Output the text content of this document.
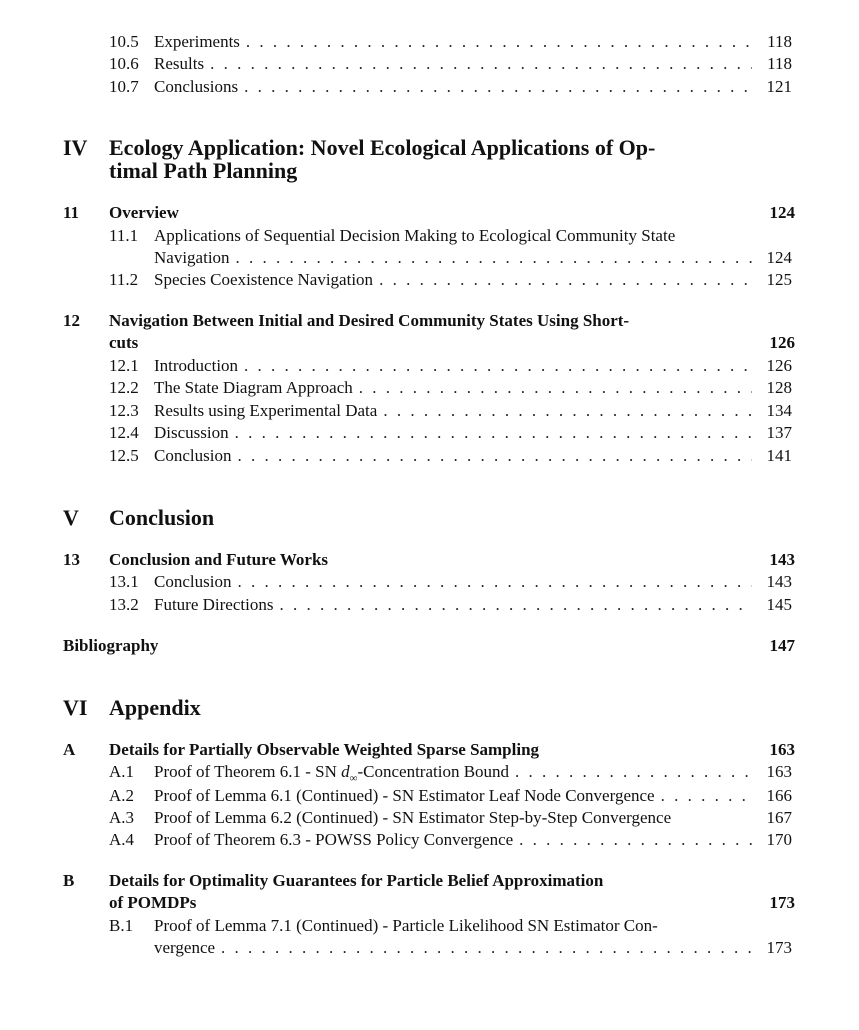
10.5 Experiments . . .	118
10.6 Results . . .	118
10.7 Conclusions . . .	121
IV Ecology Application: Novel Ecological Applications of Op-
timal Path Planning
11 Overview	124
11.1 Applications of Sequential Decision Making to Ecological Community State
Navigation . . .	124
11.2 Species Coexistence Navigation . . .	125
12 Navigation Between Initial and Desired Community States Using Short-
cuts	126
12.1 Introduction . . .	126
12.2 The State Diagram Approach . . .	128
12.3 Results using Experimental Data . . .	134
12.4 Discussion . . .	137
12.5 Conclusion . . .	141
V Conclusion
13 Conclusion and Future Works	143
13.1 Conclusion . . .	143
13.2 Future Directions . . .	145
Bibliography	147
VI Appendix
A Details for Partially Observable Weighted Sparse Sampling	163
A.1 Proof of Theorem 6.1 - SN $d_\infty$-Concentration Bound . . .	163
A.2 Proof of Lemma 6.1 (Continued) - SN Estimator Leaf Node Convergence . . .	166
A.3 Proof of Lemma 6.2 (Continued) - SN Estimator Step-by-Step Convergence	167
A.4 Proof of Theorem 6.3 - POWSS Policy Convergence . . .	170
B Details for Optimality Guarantees for Particle Belief Approximation
of POMDPs	173
B.1 Proof of Lemma 7.1 (Continued) - Particle Likelihood SN Estimator Con-
vergence . . .	173
